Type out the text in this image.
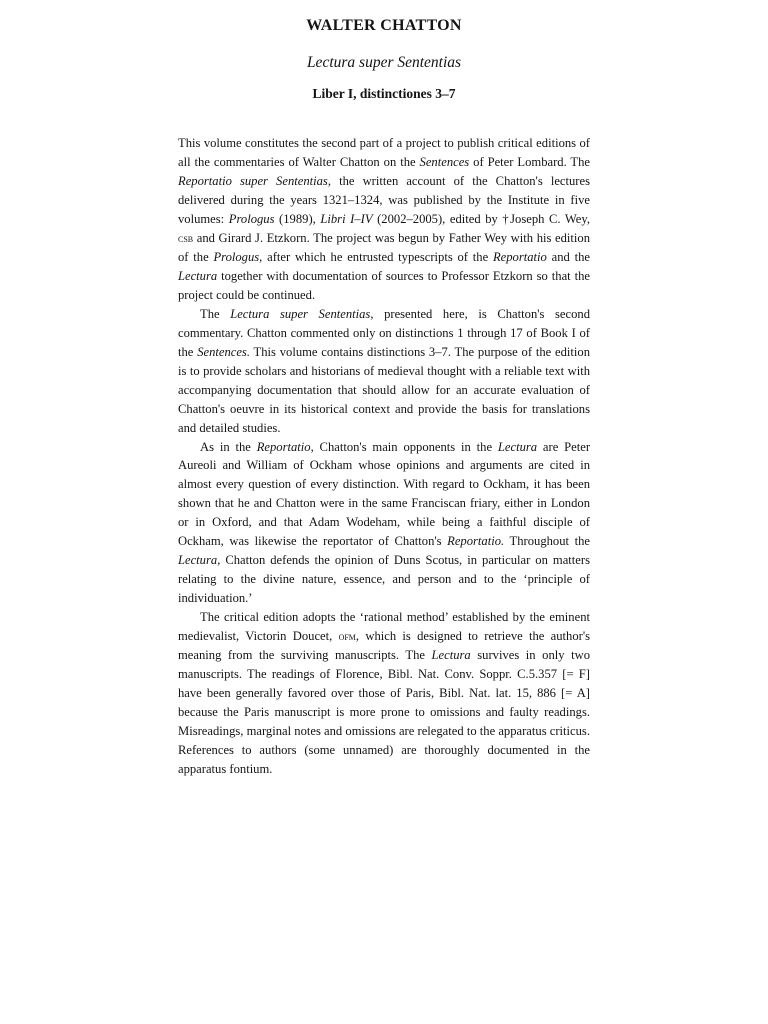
WALTER CHATTON
Lectura super Sententias
Liber I, distinctiones 3–7

This volume constitutes the second part of a project to publish critical editions of all the commentaries of Walter Chatton on the Sentences of Peter Lombard. The Reportatio super Sententias, the written account of the Chatton's lectures delivered during the years 1321–1324, was published by the Institute in five volumes: Prologus (1989), Libri I–IV (2002–2005), edited by †Joseph C. Wey, csb and Girard J. Etzkorn. The project was begun by Father Wey with his edition of the Prologus, after which he entrusted typescripts of the Reportatio and the Lectura together with documentation of sources to Professor Etzkorn so that the project could be continued.

The Lectura super Sententias, presented here, is Chatton's second commentary. Chatton commented only on distinctions 1 through 17 of Book I of the Sentences. This volume contains distinctions 3–7. The purpose of the edition is to provide scholars and historians of medieval thought with a reliable text with accompanying documentation that should allow for an accurate evaluation of Chatton's oeuvre in its historical context and provide the basis for translations and detailed studies.

As in the Reportatio, Chatton's main opponents in the Lectura are Peter Aureoli and William of Ockham whose opinions and arguments are cited in almost every question of every distinction. With regard to Ockham, it has been shown that he and Chatton were in the same Franciscan friary, either in London or in Oxford, and that Adam Wodeham, while being a faithful disciple of Ockham, was likewise the reportator of Chatton's Reportatio. Throughout the Lectura, Chatton defends the opinion of Duns Scotus, in particular on matters relating to the divine nature, essence, and person and to the ‘principle of individuation.’

The critical edition adopts the ‘rational method’ established by the eminent medievalist, Victorin Doucet, ofm, which is designed to retrieve the author's meaning from the surviving manuscripts. The Lectura survives in only two manuscripts. The readings of Florence, Bibl. Nat. Conv. Soppr. C.5.357 [= F] have been generally favored over those of Paris, Bibl. Nat. lat. 15, 886 [= A] because the Paris manuscript is more prone to omissions and faulty readings. Misreadings, marginal notes and omissions are relegated to the apparatus criticus. References to authors (some unnamed) are thoroughly documented in the apparatus fontium.
